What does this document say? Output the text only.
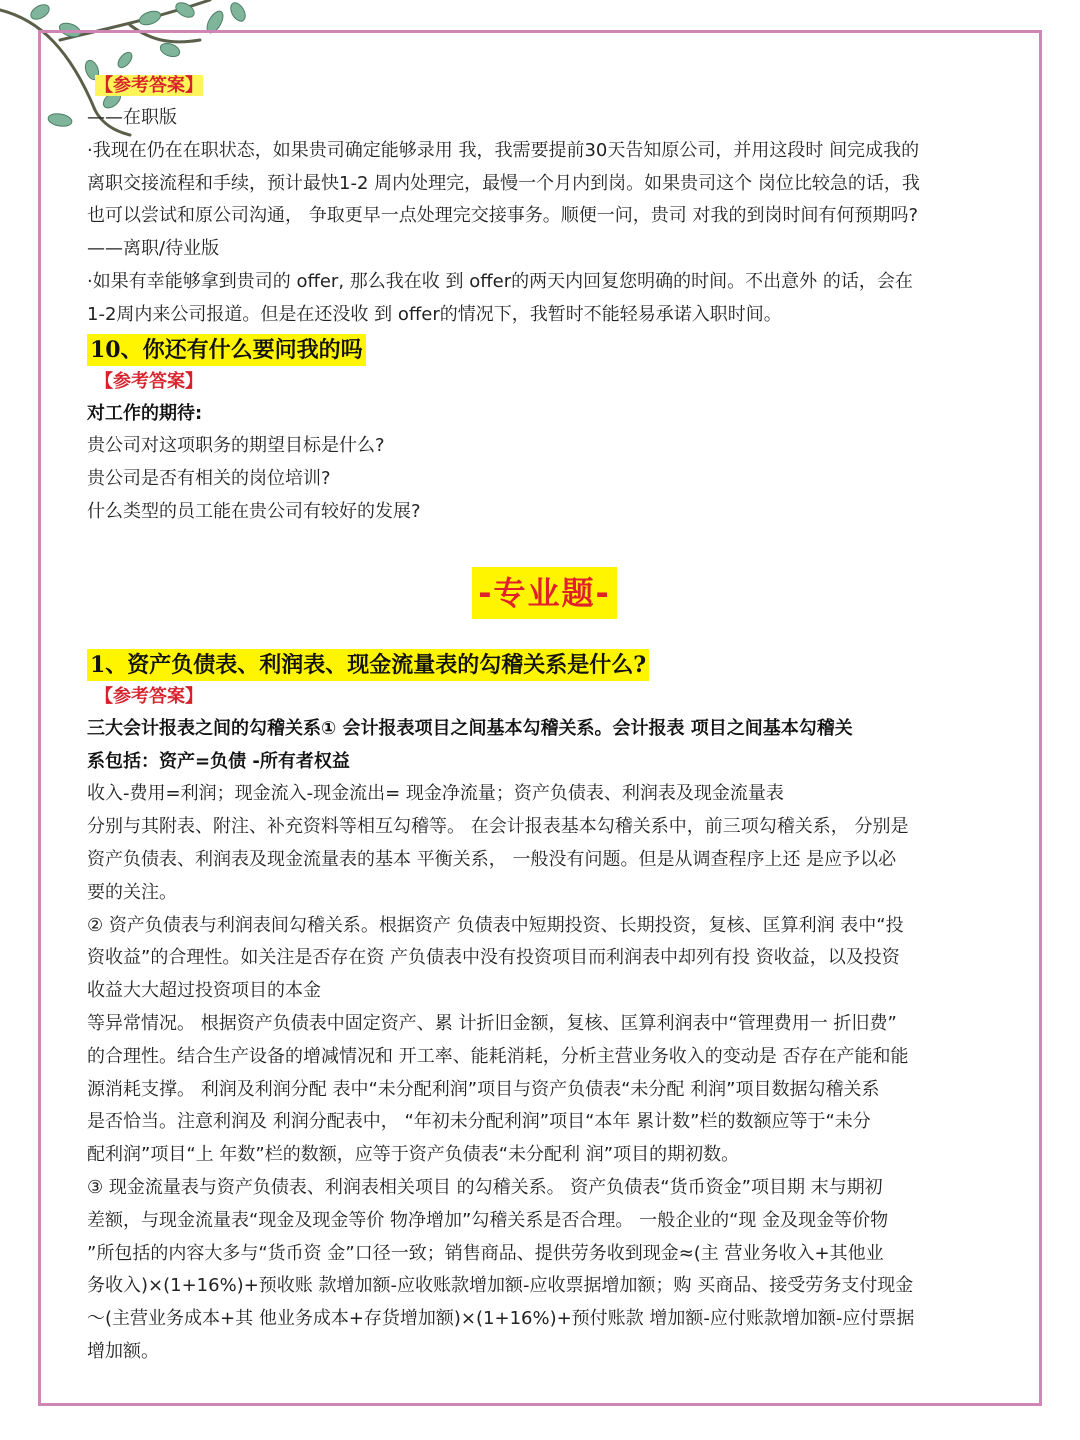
【参考答案】

——在职版

·我现在仍在在职状态，如果贵司确定能够录用 我，我需要提前30天告知原公司，并用这段时 间完成我的

离职交接流程和手续，预计最快1-2 周内处理完，最慢一个月内到岗。如果贵司这个 岗位比较急的话，我

也可以尝试和原公司沟通， 争取更早一点处理完交接事务。顺便一问，贵司 对我的到岗时间有何预期吗?

——离职/待业版

·如果有幸能够拿到贵司的 offer, 那么我在收 到 offer的两天内回复您明确的时间。不出意外 的话，会在

1-2周内来公司报道。但是在还没收 到 offer的情况下，我暂时不能轻易承诺入职时间。

10、你还有什么要问我的吗
【参考答案】

对工作的期待:

贵公司对这项职务的期望目标是什么?

贵公司是否有相关的岗位培训?

什么类型的员工能在贵公司有较好的发展?

-专业题-
1、资产负债表、利润表、现金流量表的勾稽关系是什么?
【参考答案】

三大会计报表之间的勾稽关系① 会计报表项目之间基本勾稽关系。会计报表 项目之间基本勾稽关

系包括：资产=负债 -所有者权益

收入-费用=利润；现金流入-现金流出= 现金净流量；资产负债表、利润表及现金流量表

分别与其附表、附注、补充资料等相互勾稽等。 在会计报表基本勾稽关系中，前三项勾稽关系， 分别是

资产负债表、利润表及现金流量表的基本 平衡关系， 一般没有问题。但是从调查程序上还 是应予以必

要的关注。

② 资产负债表与利润表间勾稽关系。根据资产 负债表中短期投资、长期投资，复核、匡算利润 表中“投

资收益”的合理性。如关注是否存在资 产负债表中没有投资项目而利润表中却列有投 资收益，以及投资

收益大大超过投资项目的本金

等异常情况。 根据资产负债表中固定资产、累 计折旧金额，复核、匡算利润表中“管理费用一 折旧费”

的合理性。结合生产设备的增减情况和 开工率、能耗消耗，分析主营业务收入的变动是 否存在产能和能

源消耗支撑。 利润及利润分配 表中“未分配利润”项目与资产负债表“未分配 利润”项目数据勾稽关系

是否恰当。注意利润及 利润分配表中， “年初未分配利润”项目“本年 累计数”栏的数额应等于“未分

配利润”项目“上 年数”栏的数额，应等于资产负债表“未分配利 润”项目的期初数。

③ 现金流量表与资产负债表、利润表相关项目 的勾稽关系。 资产负债表“货币资金”项目期 末与期初

差额，与现金流量表“现金及现金等价 物净增加”勾稽关系是否合理。 一般企业的“现 金及现金等价物

”所包括的内容大多与“货币资 金”口径一致；销售商品、提供劳务收到现金≈(主 营业务收入+其他业

务收入)×(1+16%)+预收账 款增加额-应收账款增加额-应收票据增加额；购 买商品、接受劳务支付现金

～(主营业务成本+其 他业务成本+存货增加额)×(1+16%)+预付账款 增加额-应付账款增加额-应付票据

增加额。
